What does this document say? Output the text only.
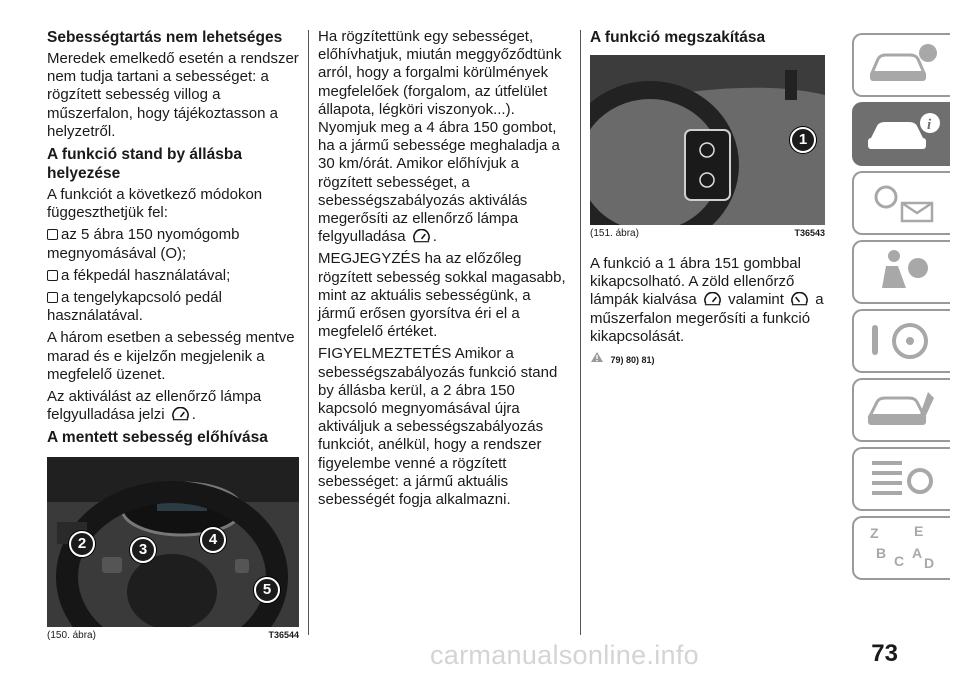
Sebességtartás nem lehetséges

Meredek emelkedő esetén a rendszer nem tudja tartani a sebességet: a rögzített sebesség villog a műszerfalon, hogy tájékoztasson a helyzetről.

A funkció stand by állásba helyezése

A funkciót a következő módokon függeszthetjük fel:

az 5 ábra 150 nyomógomb

megnyomásával (O);

a fékpedál használatával;

a tengelykapcsoló pedál

használatával.

A három esetben a sebesség mentve marad és e kijelzőn megjelenik a megfelelő üzenet.

Az aktiválást az ellenőrző lámpa
felgyulladása jelzi .

A mentett sebesség előhívása
2	3
4
5
(150. ábra)	T36544

Ha rögzítettünk egy sebességet, előhívhatjuk, miután meggyőződtünk arról, hogy a forgalmi körülmények megfelelőek (forgalom, az útfelület állapota, légköri viszonyok...). Nyomjuk meg a 4 ábra 150 gombot, ha a jármű sebessége meghaladja a 30 km/órát. Amikor előhívjuk a rögzített sebességet, a sebességszabályozás aktiválás megerősíti az ellenőrző lámpa felgyulladása .

MEGJEGYZÉS ha az előzőleg rögzített sebesség sokkal magasabb, mint az aktuális sebességünk, a jármű erősen gyorsítva éri el a megfelelő értéket.

FIGYELMEZTETÉS Amikor a sebességszabályozás funkció stand by állásba kerül, a 2 ábra 150 kapcsoló megnyomásával újra aktiváljuk a sebességszabályozás funkciót, anélkül, hogy a rendszer figyelembe venné a rögzített sebességet: a jármű aktuális sebességét fogja alkalmazni.

A funkció megszakítása
1
(151. ábra)	T36543

A funkció a 1 ábra 151 gombbal kikapcsolható. A zöld ellenőrző lámpák kialvása valamint a műszerfalon megerősíti a funkció kikapcsolását.

79) 80) 81)
i
Z	E
B C A
D
73
carmanualsonline.info
